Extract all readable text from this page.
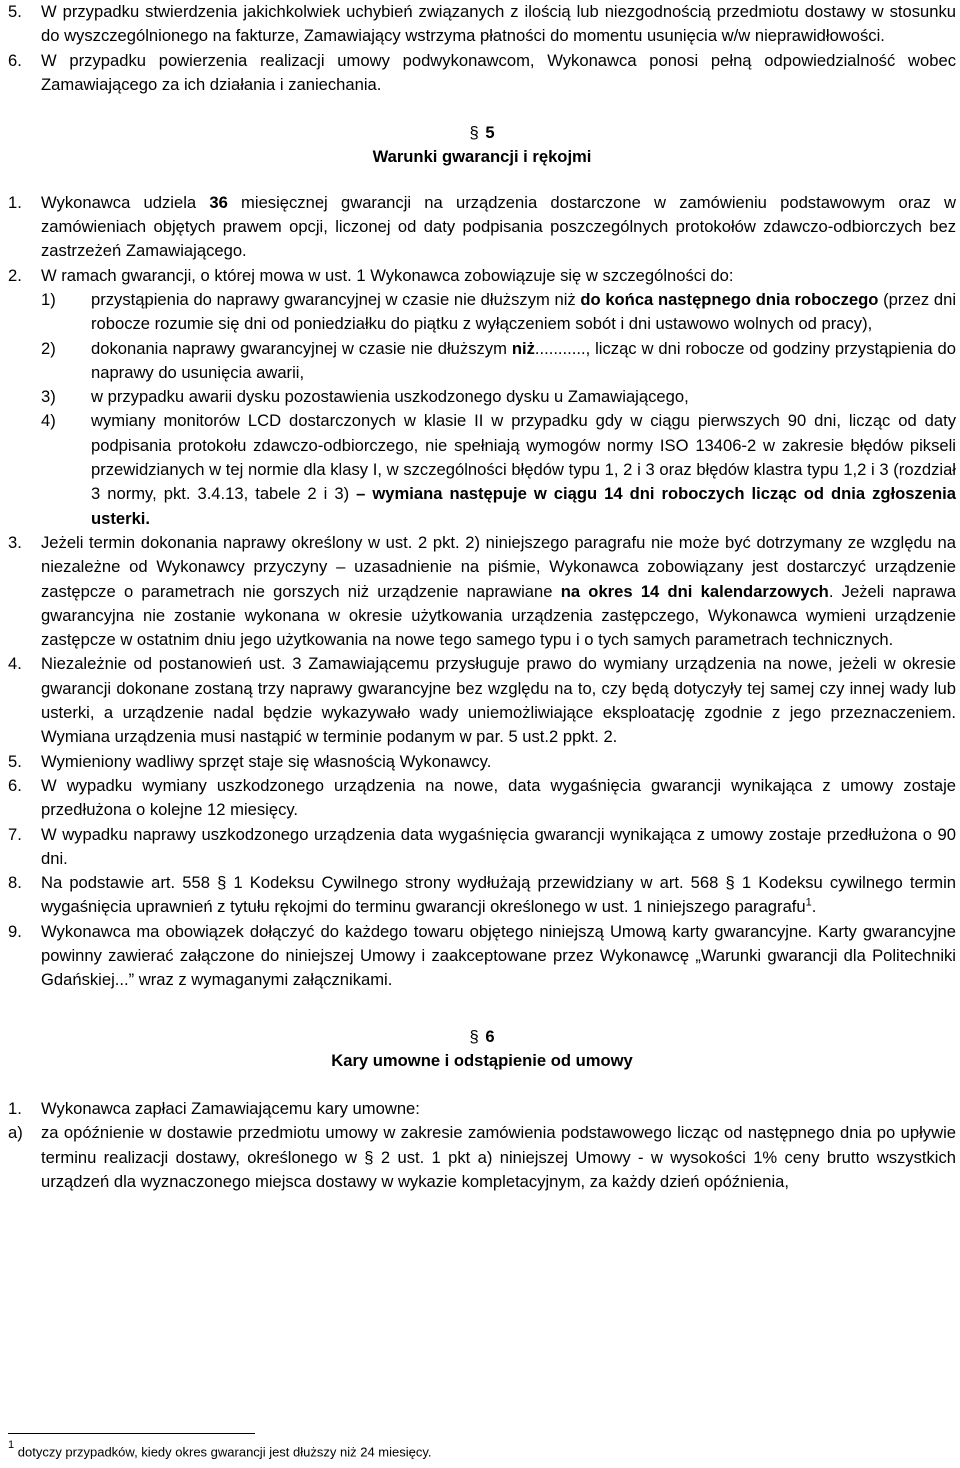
5. W przypadku stwierdzenia jakichkolwiek uchybień związanych z ilością lub niezgodnością przedmiotu dostawy w stosunku do wyszczególnionego na fakturze, Zamawiający wstrzyma płatności do momentu usunięcia w/w nieprawidłowości.

6. W przypadku powierzenia realizacji umowy podwykonawcom, Wykonawca ponosi pełną odpowiedzialność wobec Zamawiającego za ich działania i zaniechania.

§ 5

Warunki gwarancji i rękojmi

1. Wykonawca udziela 36 miesięcznej gwarancji na urządzenia dostarczone w zamówieniu podstawowym oraz w zamówieniach objętych prawem opcji, liczonej od daty podpisania poszczególnych protokołów zdawczo-odbiorczych bez zastrzeżeń Zamawiającego.

2. W ramach gwarancji, o której mowa w ust. 1 Wykonawca zobowiązuje się w szczególności do:

1) przystąpienia do naprawy gwarancyjnej w czasie nie dłuższym niż do końca następnego dnia roboczego (przez dni robocze rozumie się dni od poniedziałku do piątku z wyłączeniem sobót i dni ustawowo wolnych od pracy),

2) dokonania naprawy gwarancyjnej w czasie nie dłuższym niż..........., licząc w dni robocze od godziny przystąpienia do naprawy do usunięcia awarii,

3) w przypadku awarii dysku pozostawienia uszkodzonego dysku u Zamawiającego,

4) wymiany monitorów LCD dostarczonych w klasie II w przypadku gdy w ciągu pierwszych 90 dni, licząc od daty podpisania protokołu zdawczo-odbiorczego, nie spełniają wymogów normy ISO 13406-2 w zakresie błędów pikseli przewidzianych w tej normie dla klasy I, w szczególności błędów typu 1, 2 i 3 oraz błędów klastra typu 1,2 i 3 (rozdział 3 normy, pkt. 3.4.13, tabele 2 i 3) – wymiana następuje w ciągu 14 dni roboczych licząc od dnia zgłoszenia usterki.

3. Jeżeli termin dokonania naprawy określony w ust. 2 pkt. 2) niniejszego paragrafu nie może być dotrzymany ze względu na niezależne od Wykonawcy przyczyny – uzasadnienie na piśmie, Wykonawca zobowiązany jest dostarczyć urządzenie zastępcze o parametrach nie gorszych niż urządzenie naprawiane na okres 14 dni kalendarzowych. Jeżeli naprawa gwarancyjna nie zostanie wykonana w okresie użytkowania urządzenia zastępczego, Wykonawca wymieni urządzenie zastępcze w ostatnim dniu jego użytkowania na nowe tego samego typu i o tych samych parametrach technicznych.

4. Niezależnie od postanowień ust. 3 Zamawiającemu przysługuje prawo do wymiany urządzenia na nowe, jeżeli w okresie gwarancji dokonane zostaną trzy naprawy gwarancyjne bez względu na to, czy będą dotyczyły tej samej czy innej wady lub usterki, a urządzenie nadal będzie wykazywało wady uniemożliwiające eksploatację zgodnie z jego przeznaczeniem. Wymiana urządzenia musi nastąpić w terminie podanym w par. 5 ust.2 ppkt. 2.

5. Wymieniony wadliwy sprzęt staje się własnością Wykonawcy.

6. W wypadku wymiany uszkodzonego urządzenia na nowe, data wygaśnięcia gwarancji wynikająca z umowy zostaje przedłużona o kolejne 12 miesięcy.

7. W wypadku naprawy uszkodzonego urządzenia data wygaśnięcia gwarancji wynikająca z umowy zostaje przedłużona o 90 dni.

8. Na podstawie art. 558 § 1 Kodeksu Cywilnego strony wydłużają przewidziany w art. 568 § 1 Kodeksu cywilnego termin wygaśnięcia uprawnień z tytułu rękojmi do terminu gwarancji określonego w ust. 1 niniejszego paragrafu$^1$.

9. Wykonawca ma obowiązek dołączyć do każdego towaru objętego niniejszą Umową karty gwarancyjne. Karty gwarancyjne powinny zawierać załączone do niniejszej Umowy i zaakceptowane przez Wykonawcę „Warunki gwarancji dla Politechniki Gdańskiej...” wraz z wymaganymi załącznikami.

§ 6

Kary umowne i odstąpienie od umowy

1. Wykonawca zapłaci Zamawiającemu kary umowne:

a) za opóźnienie w dostawie przedmiotu umowy w zakresie zamówienia podstawowego licząc od następnego dnia po upływie terminu realizacji dostawy, określonego w § 2 ust. 1 pkt a) niniejszej Umowy - w wysokości 1% ceny brutto wszystkich urządzeń dla wyznaczonego miejsca dostawy w wykazie kompletacyjnym, za każdy dzień opóźnienia,

$^1$ dotyczy przypadków, kiedy okres gwarancji jest dłuższy niż 24 miesięcy.
